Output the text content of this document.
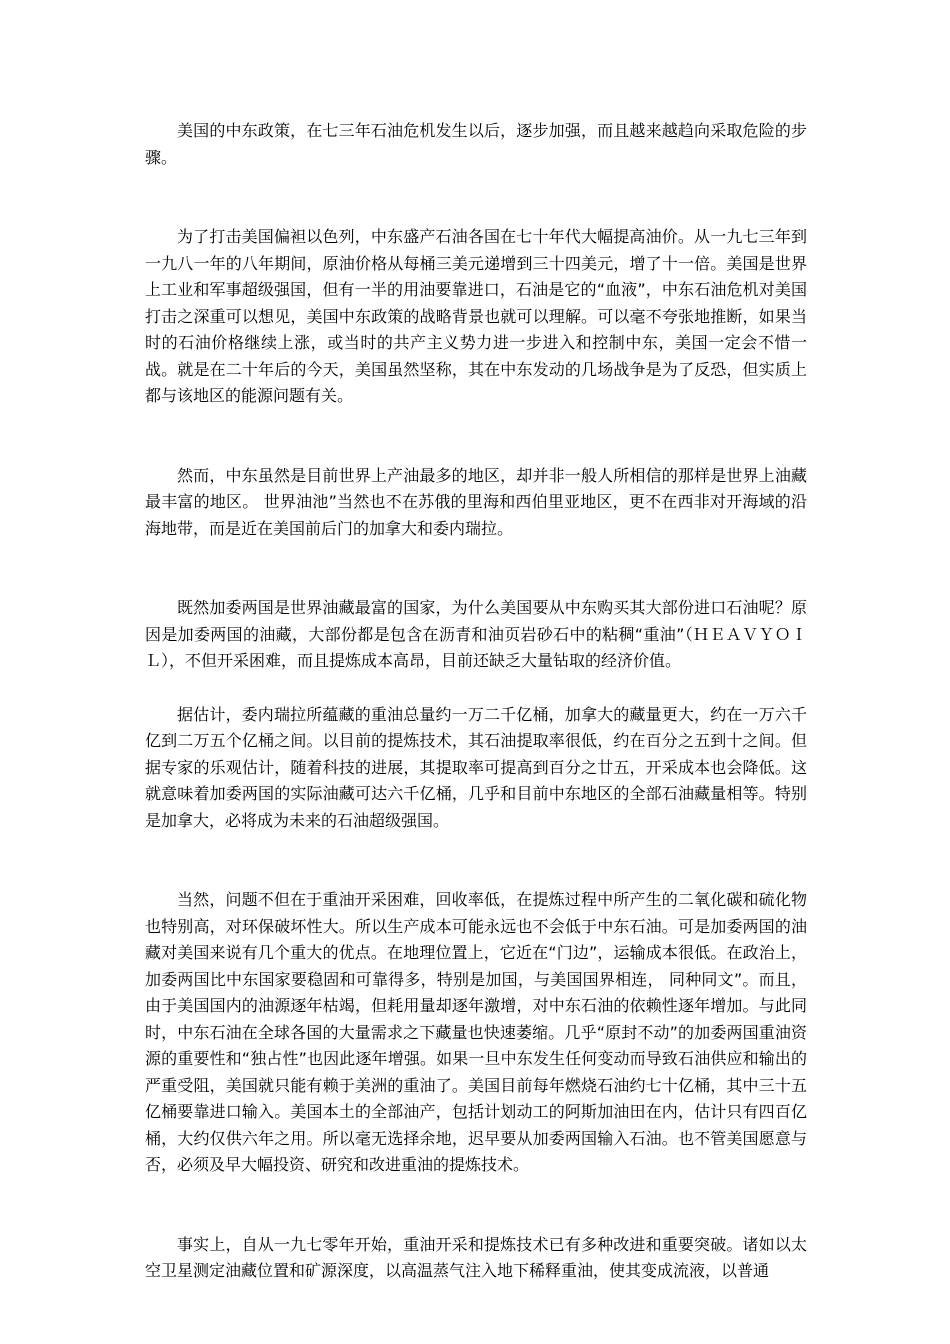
美国的中东政策，在七三年石油危机发生以后，逐步加强，而且越来越趋向采取危险的步骤。

为了打击美国偏袒以色列，中东盛产石油各国在七十年代大幅提高油价。从一九七三年到一九八一年的八年期间，原油价格从每桶三美元递增到三十四美元，增了十一倍。美国是世界上工业和军事超级强国，但有一半的用油要靠进口，石油是它的“血液”，中东石油危机对美国打击之深重可以想见，美国中东政策的战略背景也就可以理解。可以毫不夸张地推断，如果当时的石油价格继续上涨，或当时的共产主义势力进一步进入和控制中东，美国一定会不惜一战。就是在二十年后的今天，美国虽然坚称，其在中东发动的几场战争是为了反恐，但实质上都与该地区的能源问题有关。

然而，中东虽然是目前世界上产油最多的地区，却并非一般人所相信的那样是世界上油藏最丰富的地区。 世界油池”当然也不在苏俄的里海和西伯里亚地区，更不在西非对开海域的沿海地带，而是近在美国前后门的加拿大和委内瑞拉。

既然加委两国是世界油藏最富的国家，为什么美国要从中东购买其大部份进口石油呢？原因是加委两国的油藏，大部份都是包含在沥青和油页岩砂石中的粘稠“重油”（ＨＥＡＶＹＯＩＬ），不但开采困难，而且提炼成本高昂，目前还缺乏大量钻取的经济价值。

据估计，委内瑞拉所蕴藏的重油总量约一万二千亿桶，加拿大的藏量更大，约在一万六千亿到二万五个亿桶之间。以目前的提炼技术，其石油提取率很低，约在百分之五到十之间。但据专家的乐观估计，随着科技的进展，其提取率可提高到百分之廿五，开采成本也会降低。这就意味着加委两国的实际油藏可达六千亿桶，几乎和目前中东地区的全部石油藏量相等。特别是加拿大，必将成为未来的石油超级强国。

当然，问题不但在于重油开采困难，回收率低，在提炼过程中所产生的二氧化碳和硫化物也特别高，对环保破坏性大。所以生产成本可能永远也不会低于中东石油。可是加委两国的油藏对美国来说有几个重大的优点。在地理位置上，它近在“门边”，运输成本很低。在政治上，加委两国比中东国家要稳固和可靠得多，特别是加国，与美国国界相连， 同种同文”。而且，由于美国国内的油源逐年枯竭，但耗用量却逐年激增，对中东石油的依赖性逐年增加。与此同时，中东石油在全球各国的大量需求之下藏量也快速萎缩。几乎“原封不动”的加委两国重油资源的重要性和“独占性”也因此逐年增强。如果一旦中东发生任何变动而导致石油供应和输出的严重受阻，美国就只能有赖于美洲的重油了。美国目前每年燃烧石油约七十亿桶，其中三十五亿桶要靠进口输入。美国本土的全部油产，包括计划动工的阿斯加油田在内，估计只有四百亿桶，大约仅供六年之用。所以毫无选择余地，迟早要从加委两国输入石油。也不管美国愿意与否，必须及早大幅投资、研究和改进重油的提炼技术。

事实上，自从一九七零年开始，重油开采和提炼技术已有多种改进和重要突破。诸如以太空卫星测定油藏位置和矿源深度，以高温蒸气注入地下稀释重油，使其变成流液，以普通
